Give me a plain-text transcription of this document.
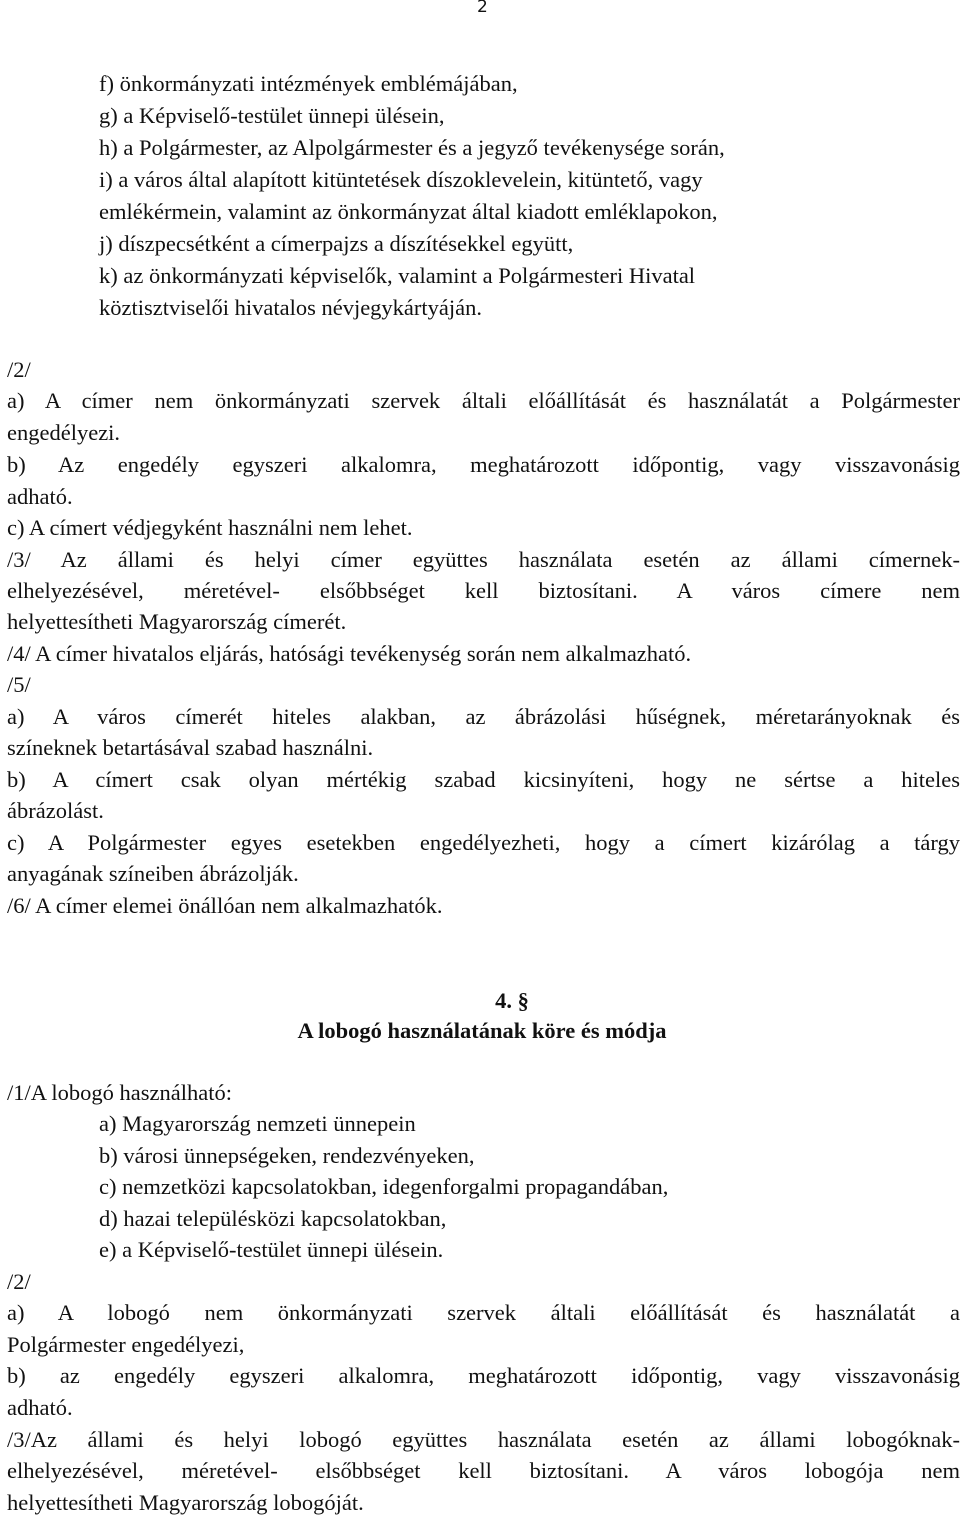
2
f) önkormányzati intézmények emblémájában,
g) a Képviselő-testület ünnepi ülésein,
h) a Polgármester, az Alpolgármester és a jegyző tevékenysége során,
i) a város által alapított kitüntetések díszoklevelein, kitüntető, vagy
emlékérmein, valamint az önkormányzat által kiadott emléklapokon,
j) díszpecsétként a címerpajzs a díszítésekkel együtt,
k) az önkormányzati képviselők, valamint a Polgármesteri Hivatal
köztisztviselői hivatalos névjegykártyáján.
/2/
a) A címer nem önkormányzati szervek általi előállítását és használatát a Polgármester
engedélyezi.
b) Az engedély egyszeri alkalomra, meghatározott időpontig, vagy visszavonásig
adható.
c) A címert védjegyként használni nem lehet.
/3/ Az állami és helyi címer együttes használata esetén az állami címernek-
elhelyezésével, méretével- elsőbbséget kell biztosítani. A város címere nem
helyettesítheti Magyarország címerét.
/4/ A címer hivatalos eljárás, hatósági tevékenység során nem alkalmazható.
/5/
a) A város címerét hiteles alakban, az ábrázolási hűségnek, méretarányoknak és
színeknek betartásával szabad használni.
b) A címert csak olyan mértékig szabad kicsinyíteni, hogy ne sértse a hiteles
ábrázolást.
c) A Polgármester egyes esetekben engedélyezheti, hogy a címert kizárólag a tárgy
anyagának színeiben ábrázolják.
/6/ A címer elemei önállóan nem alkalmazhatók.
4. §
A lobogó használatának köre és módja
/1/A lobogó használható:
a) Magyarország nemzeti ünnepein
b) városi ünnepségeken, rendezvényeken,
c) nemzetközi kapcsolatokban, idegenforgalmi propagandában,
d) hazai településközi kapcsolatokban,
e) a Képviselő-testület ünnepi ülésein.
/2/
a) A lobogó nem önkormányzati szervek általi előállítását és használatát a
Polgármester engedélyezi,
b) az engedély egyszeri alkalomra, meghatározott időpontig, vagy visszavonásig
adható.
/3/Az állami és helyi lobogó együttes használata esetén az állami lobogóknak-
elhelyezésével, méretével- elsőbbséget kell biztosítani. A város lobogója nem
helyettesítheti Magyarország lobogóját.
